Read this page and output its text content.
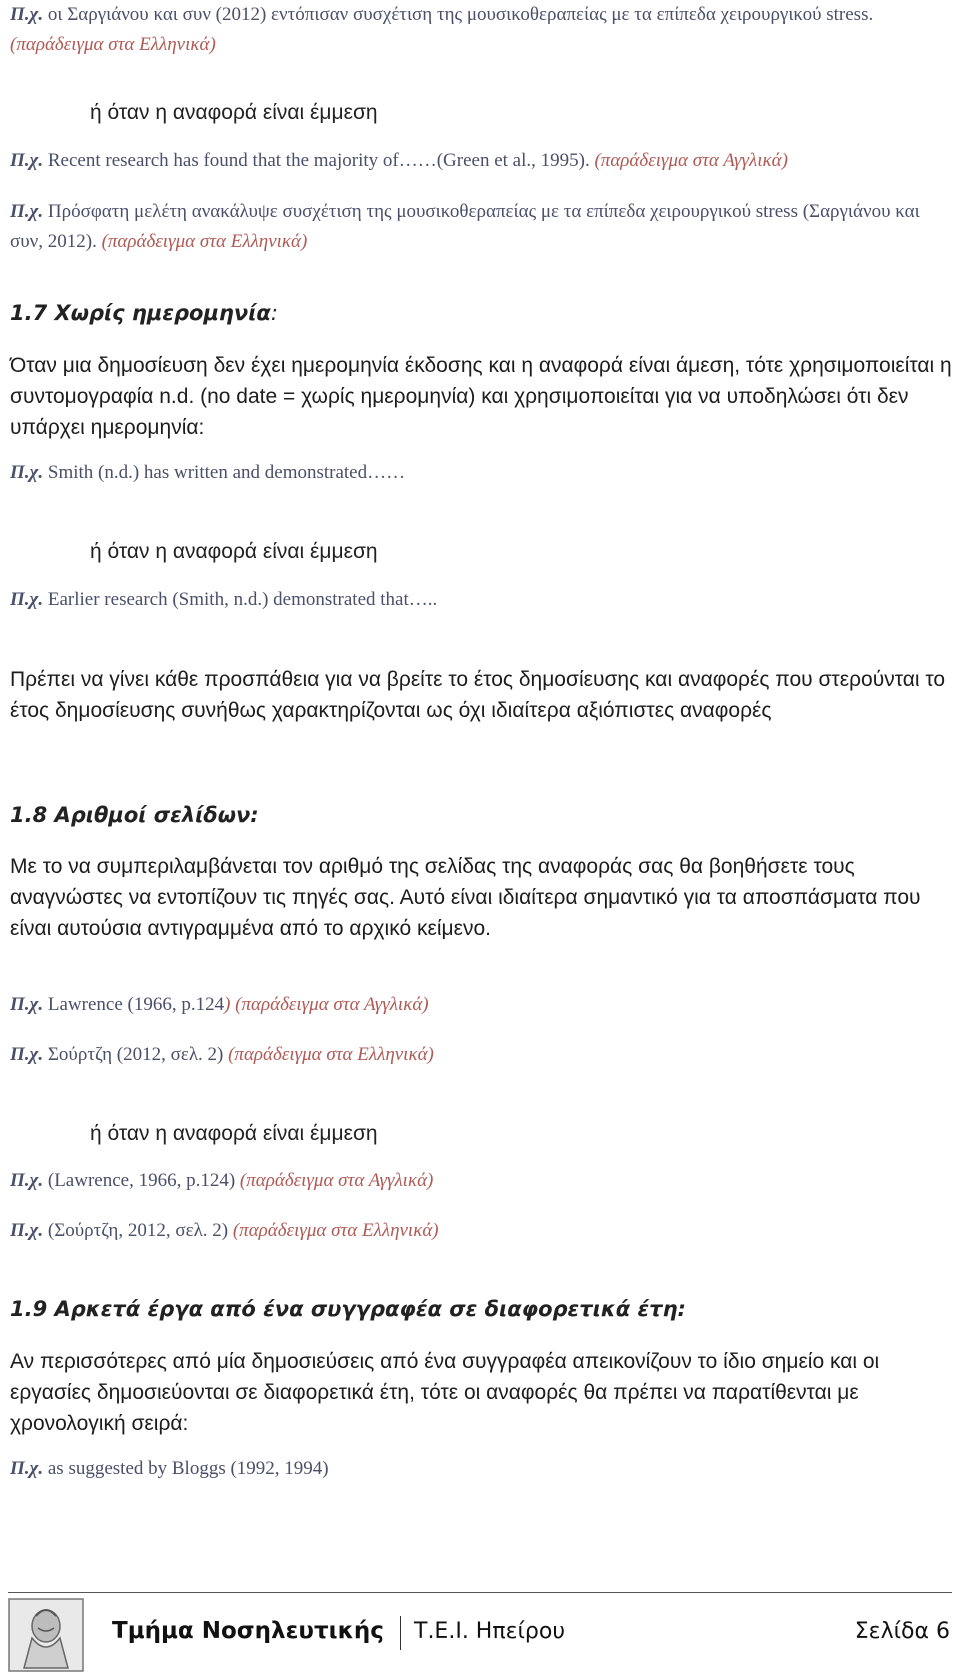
Π.χ. οι Σαργιάνου και συν (2012) εντόπισαν συσχέτιση της μουσικοθεραπείας με τα επίπεδα χειρουργικού stress. (παράδειγμα στα Ελληνικά)

ή όταν η αναφορά είναι έμμεση

Π.χ. Recent research has found that the majority of……(Green et al., 1995). (παράδειγμα στα Αγγλικά)

Π.χ. Πρόσφατη μελέτη ανακάλυψε συσχέτιση της μουσικοθεραπείας με τα επίπεδα χειρουργικού stress (Σαργιάνου και συν, 2012). (παράδειγμα στα Ελληνικά)

1.7 Χωρίς ημερομηνία:

Όταν μια δημοσίευση δεν έχει ημερομηνία έκδοσης και η αναφορά είναι άμεση, τότε χρησιμοποιείται η συντομογραφία n.d. (no date = χωρίς ημερομηνία) και χρησιμοποιείται για να υποδηλώσει ότι δεν υπάρχει ημερομηνία:

Π.χ. Smith (n.d.) has written and demonstrated……

ή όταν η αναφορά είναι έμμεση

Π.χ. Earlier research (Smith, n.d.) demonstrated that…..

Πρέπει να γίνει κάθε προσπάθεια για να βρείτε το έτος δημοσίευσης και αναφορές που στερούνται το έτος δημοσίευσης συνήθως χαρακτηρίζονται ως όχι ιδιαίτερα αξιόπιστες αναφορές

1.8 Αριθμοί σελίδων:

Με το να συμπεριλαμβάνεται τον αριθμό της σελίδας της αναφοράς σας θα βοηθήσετε τους αναγνώστες να εντοπίζουν τις πηγές σας. Αυτό είναι ιδιαίτερα σημαντικό για τα αποσπάσματα που είναι αυτούσια αντιγραμμένα από το αρχικό κείμενο.

Π.χ. Lawrence (1966, p.124) (παράδειγμα στα Αγγλικά)

Π.χ. Σούρτζη (2012, σελ. 2) (παράδειγμα στα Ελληνικά)

ή όταν η αναφορά είναι έμμεση

Π.χ. (Lawrence, 1966, p.124) (παράδειγμα στα Αγγλικά)

Π.χ. (Σούρτζη, 2012, σελ. 2) (παράδειγμα στα Ελληνικά)

1.9 Αρκετά έργα από ένα συγγραφέα σε διαφορετικά έτη:

Αν περισσότερες από μία δημοσιεύσεις από ένα συγγραφέα απεικονίζουν το ίδιο σημείο και οι εργασίες δημοσιεύονται σε διαφορετικά έτη, τότε οι αναφορές θα πρέπει να παρατίθενται με χρονολογική σειρά:

Π.χ. as suggested by Bloggs (1992, 1994)

Τμήμα Νοσηλευτικής Τ.Ε.Ι. Ηπείρου	Σελίδα 6
